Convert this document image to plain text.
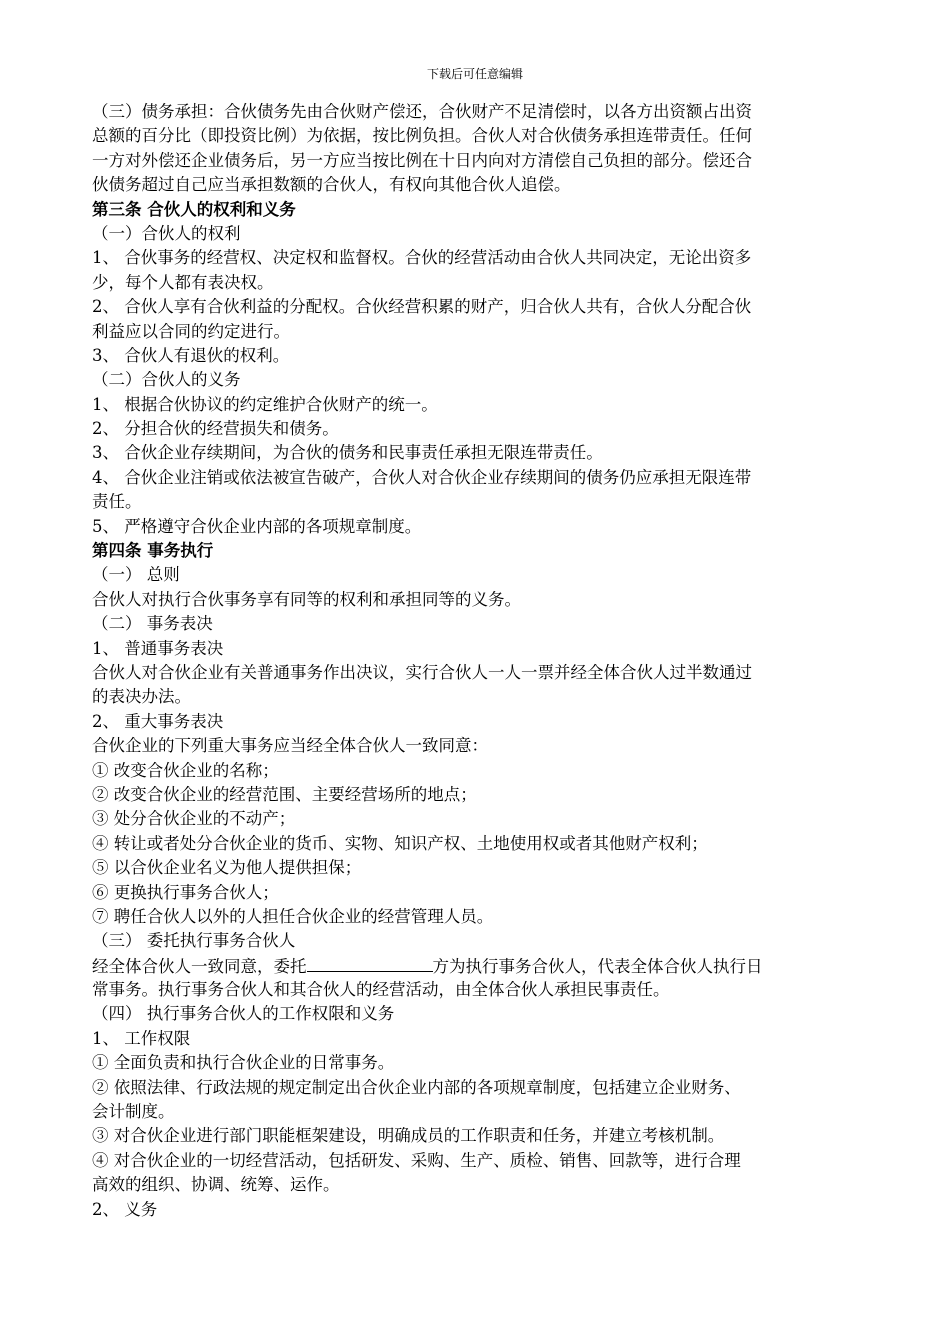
下载后可任意编辑
（三）债务承担：合伙债务先由合伙财产偿还，合伙财产不足清偿时，以各方出资额占出资
总额的百分比（即投资比例）为依据，按比例负担。合伙人对合伙债务承担连带责任。任何
一方对外偿还企业债务后，另一方应当按比例在十日内向对方清偿自己负担的部分。偿还合
伙债务超过自己应当承担数额的合伙人，有权向其他合伙人追偿。
第三条 合伙人的权利和义务
（一）合伙人的权利
1、 合伙事务的经营权、决定权和监督权。合伙的经营活动由合伙人共同决定，无论出资多
少，每个人都有表决权。
2、 合伙人享有合伙利益的分配权。合伙经营积累的财产，归合伙人共有，合伙人分配合伙
利益应以合同的约定进行。
3、 合伙人有退伙的权利。
（二）合伙人的义务
1、 根据合伙协议的约定维护合伙财产的统一。
2、 分担合伙的经营损失和债务。
3、 合伙企业存续期间，为合伙的债务和民事责任承担无限连带责任。
4、 合伙企业注销或依法被宣告破产，合伙人对合伙企业存续期间的债务仍应承担无限连带
责任。
5、 严格遵守合伙企业内部的各项规章制度。
第四条 事务执行
（一） 总则
合伙人对执行合伙事务享有同等的权利和承担同等的义务。
（二） 事务表决
1、 普通事务表决
合伙人对合伙企业有关普通事务作出决议，实行合伙人一人一票并经全体合伙人过半数通过
的表决办法。
2、 重大事务表决
合伙企业的下列重大事务应当经全体合伙人一致同意：
① 改变合伙企业的名称；
② 改变合伙企业的经营范围、主要经营场所的地点；
③ 处分合伙企业的不动产；
④ 转让或者处分合伙企业的货币、实物、知识产权、土地使用权或者其他财产权利；
⑤ 以合伙企业名义为他人提供担保；
⑥ 更换执行事务合伙人；
⑦ 聘任合伙人以外的人担任合伙企业的经营管理人员。
（三） 委托执行事务合伙人
经全体合伙人一致同意，委托	方为执行事务合伙人，代表全体合伙人执行日
常事务。执行事务合伙人和其合伙人的经营活动，由全体合伙人承担民事责任。
（四） 执行事务合伙人的工作权限和义务
1、 工作权限
① 全面负责和执行合伙企业的日常事务。
② 依照法律、行政法规的规定制定出合伙企业内部的各项规章制度，包括建立企业财务、
会计制度。
③ 对合伙企业进行部门职能框架建设，明确成员的工作职责和任务，并建立考核机制。
④ 对合伙企业的一切经营活动，包括研发、采购、生产、质检、销售、回款等，进行合理
高效的组织、协调、统筹、运作。
2、 义务
